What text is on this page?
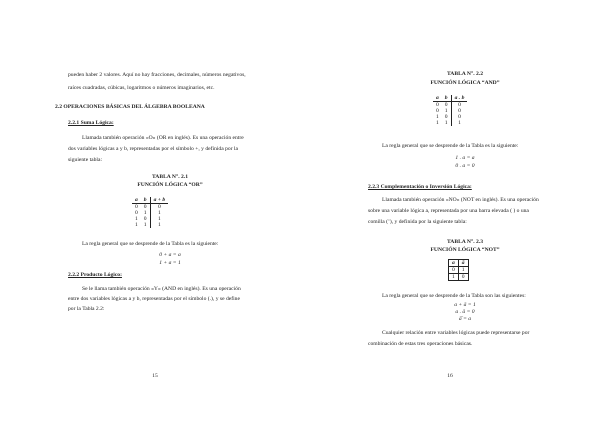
pueden haber 2 valores. Aquí no hay fracciones, decimales, números negativos,
raíces cuadradas, cúbicas, logaritmos o números imaginarios, etc.
2.2 OPERACIONES BÁSICAS DEL ÁLGEBRA BOOLEANA
2.2.1 Suma Lógica:
Llamada también operación «O» (OR en inglés). Es una operación entre
dos variables lógicas a y b, representadas por el símbolo +, y definida por la
siguiente tabla:
TABLA N°. 2.1
FUNCIÓN LÓGICA “OR”
a	b	a + b
0	0	0
0	1	1
1	0	1
1	1	1
La regla general que se desprende de la Tabla es la siguiente:
0 + a = a
1 + a = 1
2.2.2 Producto Lógico:
Se le llama también operación «Y» (AND en inglés). Es una operación
entre dos variables lógicas a y b, representadas por el símbolo (.), y se define
por la Tabla 2.2:
15
TABLA N°. 2.2
FUNCIÓN LÓGICA “AND”
a	b	a . b
0	0	0
0	1	0
1	0	0
1	1	1
La regla general que se desprende de la Tabla es la siguiente:
1 . a = a
0 . a = 0
2.2.3 Complementación o Inversión Lógica:
Llamada también operación «NO» (NOT en inglés). Es una operación
sobre una variable lógica a, representada por una barra elevada ( ) o una
comilla (’), y definida por la siguiente tabla:
TABLA N°. 2.3
FUNCIÓN LÓGICA “NOT”
a	ā
0	1
1	0
La regla general que se desprende de la Tabla son las siguientes:
a + ā = 1
a . ā = 0
ā̄ = a
Cualquier relación entre variables lógicas puede representarse por
combinación de estas tres operaciones básicas.
16
